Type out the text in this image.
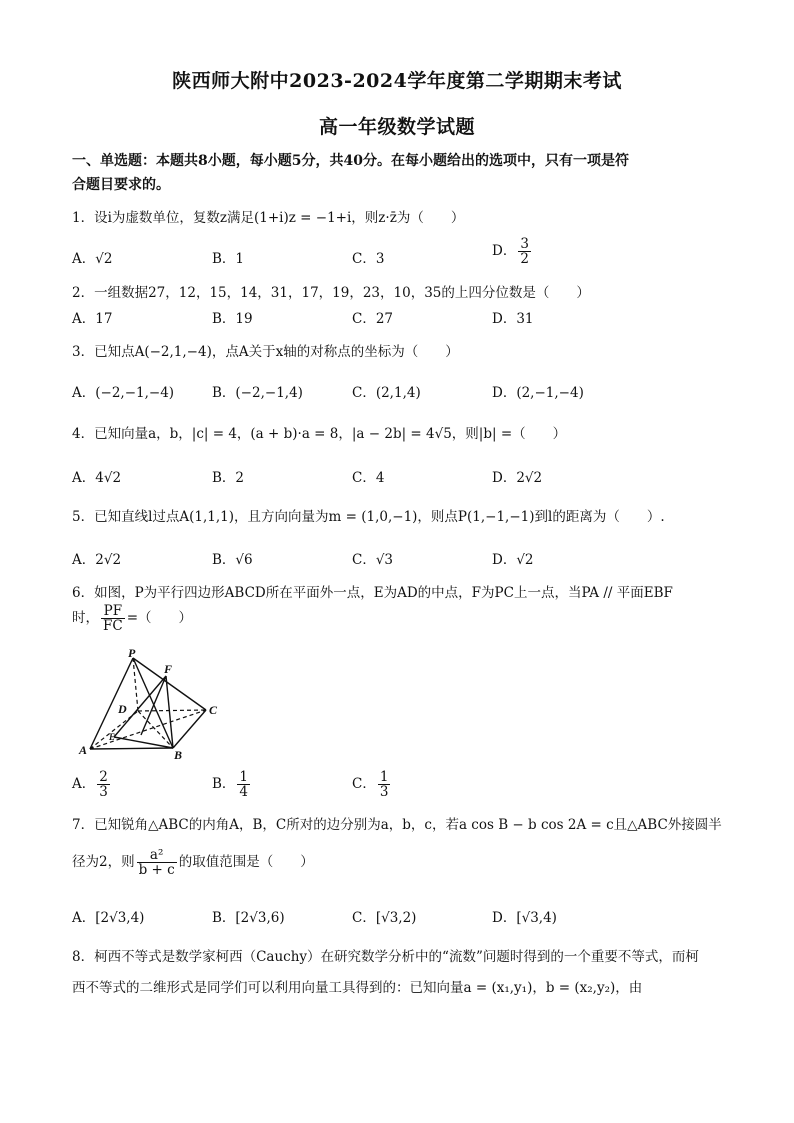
陕西师大附中2023-2024学年度第二学期期末考试
高一年级数学试题
一、单选题：本题共8小题，每小题5分，共40分。在每小题给出的选项中，只有一项是符
合题目要求的。
1．设i为虚数单位，复数z满足(1+i)z = −1+i，则z·z̄为（　　）
A．√2	B．1	C．3	D． $\frac{3}{2}$
2．一组数据27，12，15，14，31，17，19，23，10，35的上四分位数是（　　）
A．17	B．19	C．27	D．31
3．已知点A(−2,1,−4)，点A关于x轴的对称点的坐标为（　　）
A．(−2,−1,−4)	B．(−2,−1,4)	C．(2,1,4)	D．(2,−1,−4)
4．已知向量a，b，|c| = 4，(a + b)·a = 8，|a − 2b| = 4√5，则|b| =（　　）
A．4√2	B．2	C．4	D．2√2
5．已知直线l过点A(1,1,1)，且方向向量为m = (1,0,−1)，则点P(1,−1,−1)到l的距离为（　　）.
A．2√2	B．√6	C．√3	D．√2
6．如图，P为平行四边形ABCD所在平面外一点，E为AD的中点，F为PC上一点，当PA // 平面EBF
时， $\frac{PF}{FC}$ =（　　）
P
F
D	C
E
A	B
A． $\frac{2}{3}$	B． $\frac{1}{4}$	C． $\frac{1}{3}$
7．已知锐角△ABC的内角A，B，C所对的边分别为a，b，c，若a cos B − b cos 2A = c且△ABC外接圆半
径为2，则 $\frac{\text{a²}}{b + c}$ 的取值范围是（　　）
A．[2√3,4)	B．[2√3,6)	C．[√3,2)	D．[√3,4)
8．柯西不等式是数学家柯西（Cauchy）在研究数学分析中的“流数”问题时得到的一个重要不等式，而柯
西不等式的二维形式是同学们可以利用向量工具得到的：已知向量a = (x₁,y₁)，b = (x₂,y₂)，由
